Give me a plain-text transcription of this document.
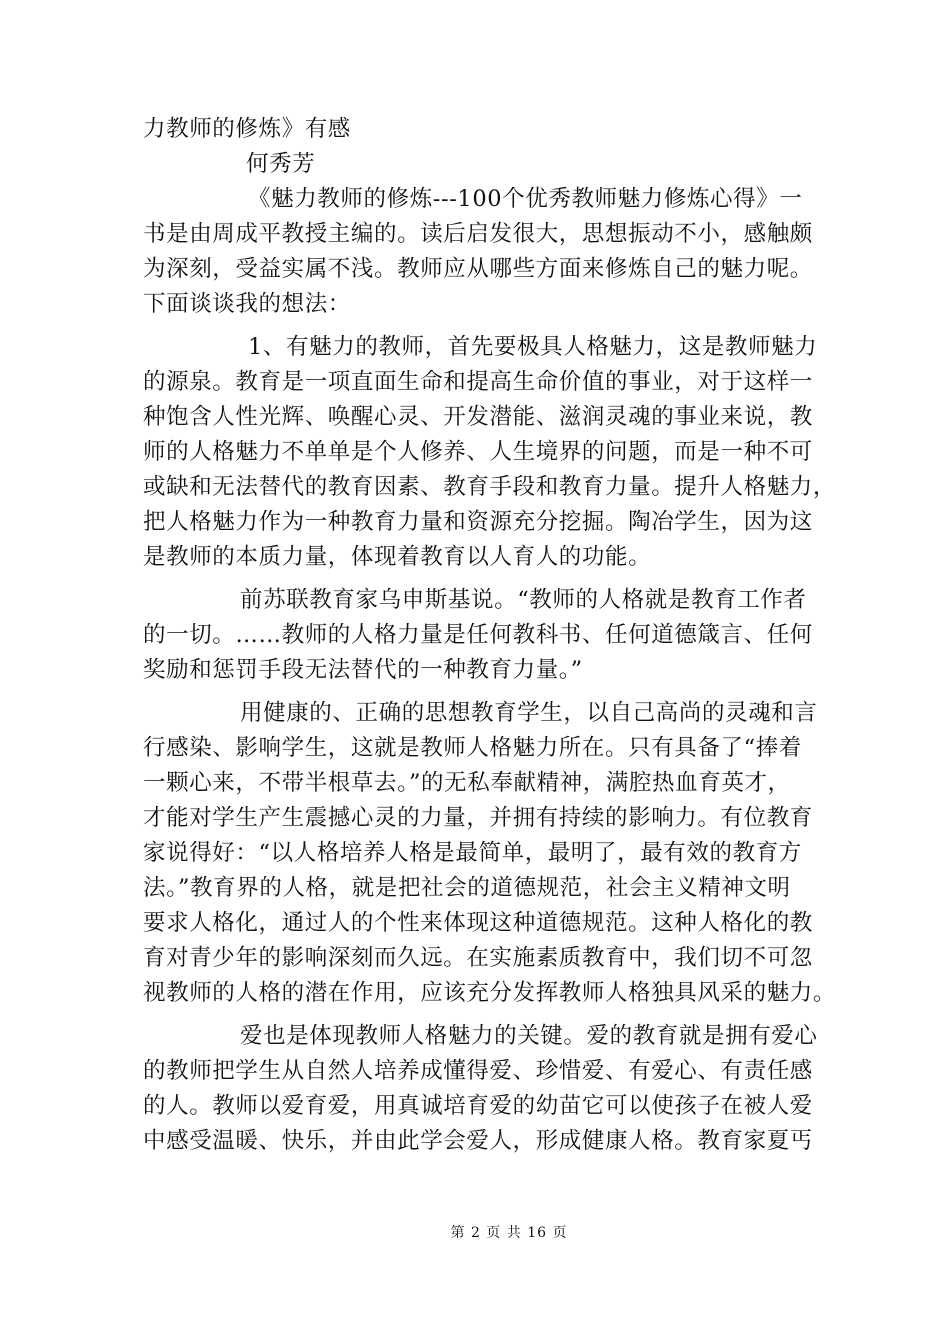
力教师的修炼》有感
何秀芳
《魅力教师的修炼---100个优秀教师魅力修炼心得》一
书是由周成平教授主编的。读后启发很大，思想振动不小，感触颇
为深刻，受益实属不浅。教师应从哪些方面来修炼自己的魅力呢。
下面谈谈我的想法：
1、有魅力的教师，首先要极具人格魅力，这是教师魅力
的源泉。教育是一项直面生命和提高生命价值的事业，对于这样一
种饱含人性光辉、唤醒心灵、开发潜能、滋润灵魂的事业来说，教
师的人格魅力不单单是个人修养、人生境界的问题，而是一种不可
或缺和无法替代的教育因素、教育手段和教育力量。提升人格魅力，
把人格魅力作为一种教育力量和资源充分挖掘。陶冶学生，因为这
是教师的本质力量，体现着教育以人育人的功能。
前苏联教育家乌申斯基说。“教师的人格就是教育工作者
的一切。……教师的人格力量是任何教科书、任何道德箴言、任何
奖励和惩罚手段无法替代的一种教育力量。”
用健康的、正确的思想教育学生，以自己高尚的灵魂和言
行感染、影响学生，这就是教师人格魅力所在。只有具备了“捧着
一颗心来，不带半根草去。”的无私奉献精神，满腔热血育英才，
才能对学生产生震撼心灵的力量，并拥有持续的影响力。有位教育
家说得好：“以人格培养人格是最简单，最明了，最有效的教育方
法。”教育界的人格，就是把社会的道德规范，社会主义精神文明
要求人格化，通过人的个性来体现这种道德规范。这种人格化的教
育对青少年的影响深刻而久远。在实施素质教育中，我们切不可忽
视教师的人格的潜在作用，应该充分发挥教师人格独具风采的魅力。
爱也是体现教师人格魅力的关键。爱的教育就是拥有爱心
的教师把学生从自然人培养成懂得爱、珍惜爱、有爱心、有责任感
的人。教师以爱育爱，用真诚培育爱的幼苗它可以使孩子在被人爱
中感受温暖、快乐，并由此学会爱人，形成健康人格。教育家夏丐
第 2 页 共 16 页
